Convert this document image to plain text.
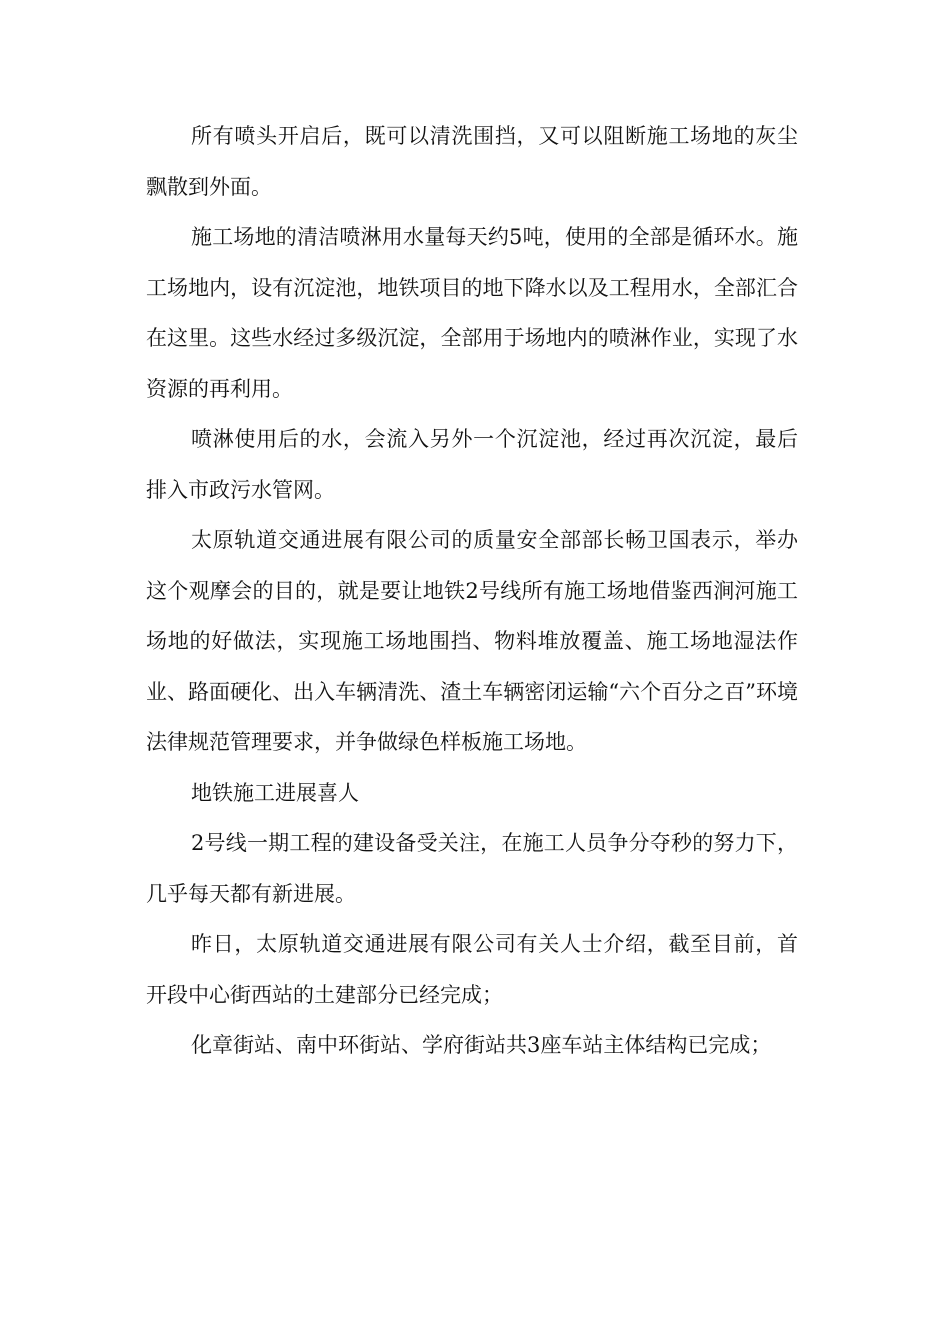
所有喷头开启后，既可以清洗围挡，又可以阻断施工场地的灰尘飘散到外面。

施工场地的清洁喷淋用水量每天约5吨，使用的全部是循环水。施工场地内，设有沉淀池，地铁项目的地下降水以及工程用水，全部汇合在这里。这些水经过多级沉淀，全部用于场地内的喷淋作业，实现了水资源的再利用。

喷淋使用后的水，会流入另外一个沉淀池，经过再次沉淀，最后排入市政污水管网。

太原轨道交通进展有限公司的质量安全部部长畅卫国表示，举办这个观摩会的目的，就是要让地铁2号线所有施工场地借鉴西涧河施工场地的好做法，实现施工场地围挡、物料堆放覆盖、施工场地湿法作业、路面硬化、出入车辆清洗、渣土车辆密闭运输“六个百分之百”环境法律规范管理要求，并争做绿色样板施工场地。

地铁施工进展喜人

2号线一期工程的建设备受关注，在施工人员争分夺秒的努力下，几乎每天都有新进展。

昨日，太原轨道交通进展有限公司有关人士介绍，截至目前，首开段中心街西站的土建部分已经完成；

化章街站、南中环街站、学府街站共3座车站主体结构已完成；
